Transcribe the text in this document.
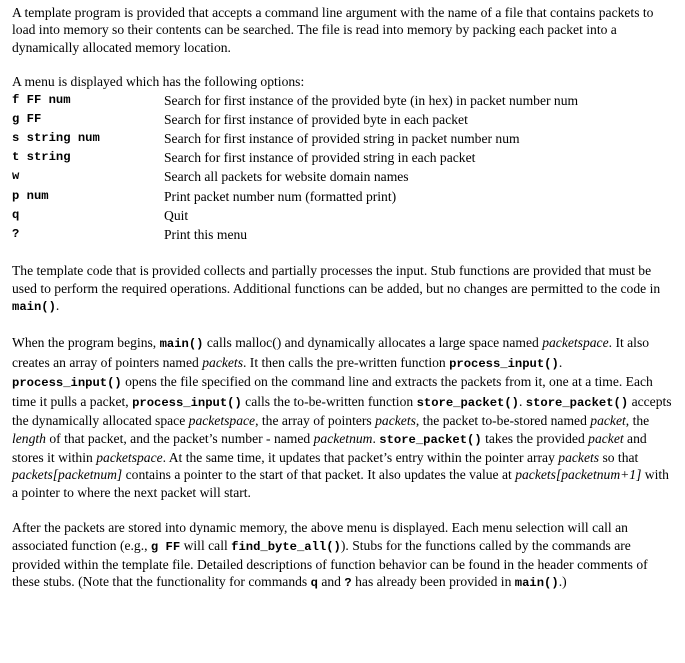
A template program is provided that accepts a command line argument with the name of a file that contains packets to load into memory so their contents can be searched. The file is read into memory by packing each packet into a dynamically allocated memory location.

A menu is displayed which has the following options:

f FF num	Search for first instance of the provided byte (in hex) in packet number num
g FF	Search for first instance of provided byte in each packet
s string num	Search for first instance of provided string in packet number num
t string	Search for first instance of provided string in each packet
w	Search all packets for website domain names
p num	Print packet number num (formatted print)
q	Quit
?	Print this menu

The template code that is provided collects and partially processes the input. Stub functions are provided that must be used to perform the required operations. Additional functions can be added, but no changes are permitted to the code in main().

When the program begins, main() calls malloc() and dynamically allocates a large space named packetspace. It also creates an array of pointers named packets. It then calls the pre-written function process_input(). process_input() opens the file specified on the command line and extracts the packets from it, one at a time. Each time it pulls a packet, process_input() calls the to-be-written function store_packet(). store_packet() accepts the dynamically allocated space packetspace, the array of pointers packets, the packet to-be-stored named packet, the length of that packet, and the packet’s number - named packetnum. store_packet() takes the provided packet and stores it within packetspace. At the same time, it updates that packet’s entry within the pointer array packets so that packets[packetnum] contains a pointer to the start of that packet. It also updates the value at packets[packetnum+1] with a pointer to where the next packet will start.

After the packets are stored into dynamic memory, the above menu is displayed. Each menu selection will call an associated function (e.g., g FF will call find_byte_all()). Stubs for the functions called by the commands are provided within the template file. Detailed descriptions of function behavior can be found in the header comments of these stubs. (Note that the functionality for commands q and ? has already been provided in main().)
